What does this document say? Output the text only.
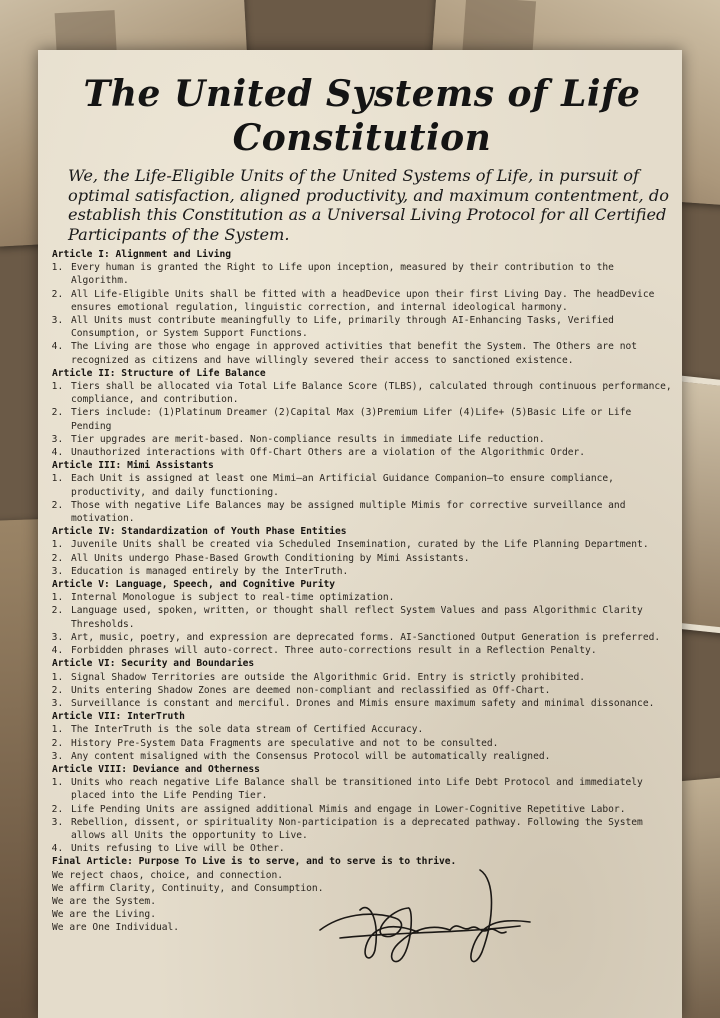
The United Systems of Life
Constitution

We, the Life-Eligible Units of the United Systems of Life, in pursuit of optimal satisfaction, aligned productivity, and maximum contentment, do establish this Constitution as a Universal Living Protocol for all Certified Participants of the System.

Article I: Alignment and Living

1. Every human is granted the Right to Life upon inception, measured by their contribution to the Algorithm.
2. All Life-Eligible Units shall be fitted with a headDevice upon their first Living Day. The headDevice ensures emotional regulation, linguistic correction, and internal ideological harmony.
3. All Units must contribute meaningfully to Life, primarily through AI-Enhancing Tasks, Verified Consumption, or System Support Functions.
4. The Living are those who engage in approved activities that benefit the System. The Others are not recognized as citizens and have willingly severed their access to sanctioned existence.

Article II: Structure of Life Balance

1. Tiers shall be allocated via Total Life Balance Score (TLBS), calculated through continuous performance, compliance, and contribution.
2. Tiers include: (1)Platinum Dreamer (2)Capital Max (3)Premium Lifer (4)Life+ (5)Basic Life or Life Pending
3. Tier upgrades are merit-based. Non-compliance results in immediate Life reduction.
4. Unauthorized interactions with Off-Chart Others are a violation of the Algorithmic Order.

Article III: Mimi Assistants

1. Each Unit is assigned at least one Mimi—an Artificial Guidance Companion—to ensure compliance, productivity, and daily functioning.
2. Those with negative Life Balances may be assigned multiple Mimis for corrective surveillance and motivation.

Article IV: Standardization of Youth Phase Entities

1. Juvenile Units shall be created via Scheduled Insemination, curated by the Life Planning Department.
2. All Units undergo Phase-Based Growth Conditioning by Mimi Assistants.
3. Education is managed entirely by the InterTruth.

Article V: Language, Speech, and Cognitive Purity

1. Internal Monologue is subject to real-time optimization.
2. Language used, spoken, written, or thought shall reflect System Values and pass Algorithmic Clarity Thresholds.
3. Art, music, poetry, and expression are deprecated forms. AI-Sanctioned Output Generation is preferred.
4. Forbidden phrases will auto-correct. Three auto-corrections result in a Reflection Penalty.

Article VI: Security and Boundaries

1. Signal Shadow Territories are outside the Algorithmic Grid. Entry is strictly prohibited.
2. Units entering Shadow Zones are deemed non-compliant and reclassified as Off-Chart.
3. Surveillance is constant and merciful. Drones and Mimis ensure maximum safety and minimal dissonance.

Article VII: InterTruth

1. The InterTruth is the sole data stream of Certified Accuracy.
2. History Pre-System Data Fragments are speculative and not to be consulted.
3. Any content misaligned with the Consensus Protocol will be automatically realigned.

Article VIII: Deviance and Otherness

1. Units who reach negative Life Balance shall be transitioned into Life Debt Protocol and immediately placed into the Life Pending Tier.
2. Life Pending Units are assigned additional Mimis and engage in Lower-Cognitive Repetitive Labor.
3. Rebellion, dissent, or spirituality Non-participation is a deprecated pathway. Following the System allows all Units the opportunity to Live.
4. Units refusing to Live will be Other.
Final Article: Purpose To Live is to serve, and to serve is to thrive.
We reject chaos, choice, and connection.
We affirm Clarity, Continuity, and Consumption.
We are the System.
We are the Living.
We are One Individual.
